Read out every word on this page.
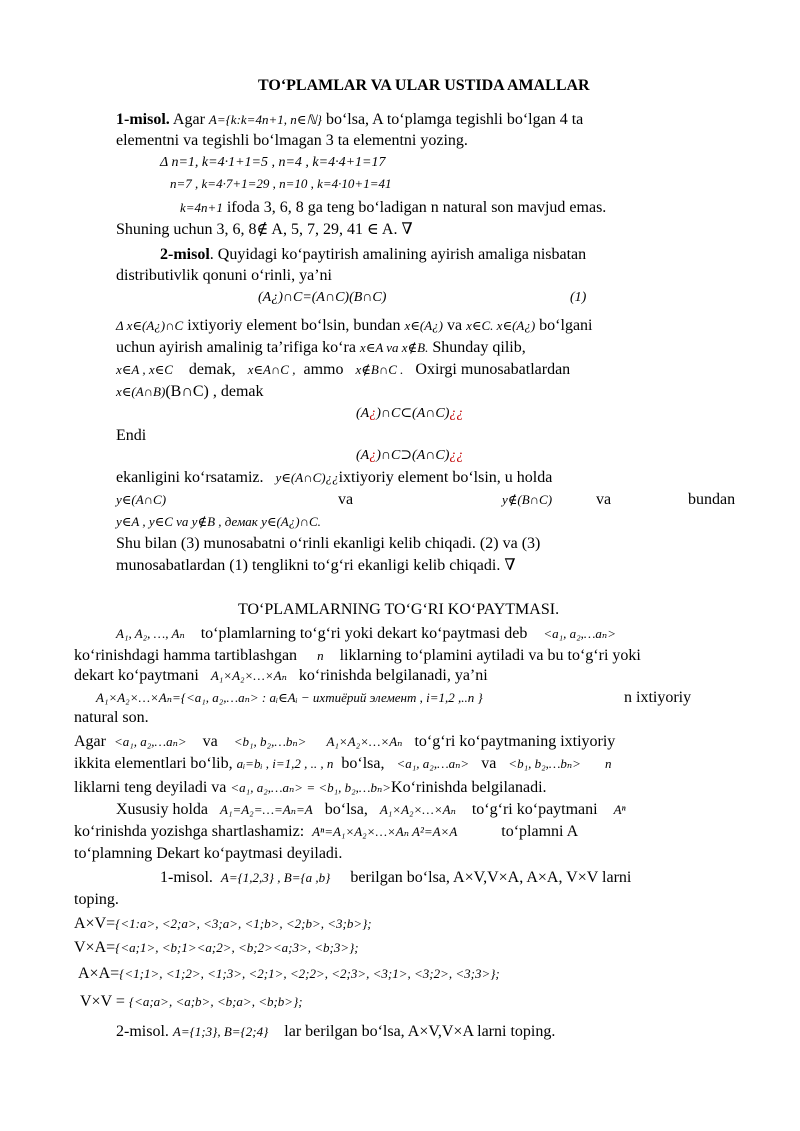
TO‘PLAMLAR VA ULAR USTIDA AMALLAR
1-misol. Agar A={k:k=4n+1, n∈ℕ} bo‘lsa, A to‘plamga tegishli bo‘lgan 4 ta
elementni va tegishli bo‘lmagan 3 ta elementni yozing.
Δ n=1, k=4·1+1=5 , n=4 , k=4·4+1=17
n=7 , k=4·7+1=29 , n=10 , k=4·10+1=41
k=4n+1 ifoda 3, 6, 8 ga teng bo‘ladigan n natural son mavjud emas.
Shuning uchun 3, 6, 8∉ A, 5, 7, 29, 41 ∈ A. ∇
2-misol. Quyidagi ko‘paytirish amalining ayirish amaliga nisbatan
distributivlik qonuni o‘rinli, ya’ni
(A¿)∩C=(A∩C)(B∩C)	(1)
Δ x∈(A¿)∩C ixtiyoriy element bo‘lsin, bundan x∈(A¿) va x∈C. x∈(A¿) bo‘lgani
uchun ayirish amalinig ta’rifiga ko‘ra x∈A va x∉B. Shunday qilib,
x∈A , x∈C demak, x∈A∩C , ammo x∉B∩C . Oxirgi munosabatlardan
x∈(A∩B)(B∩C) , demak
(A¿)∩C⊂(A∩C)¿¿
Endi
(A¿)∩C⊃(A∩C)¿¿
ekanligini ko‘rsatamiz. y∈(A∩C)¿¿ixtiyoriy element bo‘lsin, u holda
y∈(A∩C)	va	y∉(B∩C)	va	bundan
y∈A , y∈C va y∉B , демак y∈(A¿)∩C.
Shu bilan (3) munosabatni o‘rinli ekanligi kelib chiqadi. (2) va (3)
munosabatlardan (1) tenglikni to‘g‘ri ekanligi kelib chiqadi. ∇
TO‘PLAMLARNING TO‘G‘RI KO‘PAYTMASI.
A₁, A₂, …, Aₙ to‘plamlarning to‘g‘ri yoki dekart ko‘paytmasi deb <a₁, a₂,…aₙ>
ko‘rinishdagi hamma tartiblashgan n liklarning to‘plamini aytiladi va bu to‘g‘ri yoki
dekart ko‘paytmani A₁×A₂×…×Aₙ ko‘rinishda belgilanadi, ya’ni
A₁×A₂×…×Aₙ={<a₁, a₂,…aₙ> : aᵢ∈Aᵢ − ихтиёрий элемент , i=1,2 ,..n }	n ixtiyoriy
natural son.
Agar <a₁, a₂,…aₙ> va <b₁, b₂,…bₙ> A₁×A₂×…×Aₙ to‘g‘ri ko‘paytmaning ixtiyoriy
ikkita elementlari bo‘lib, aᵢ=bᵢ , i=1,2 , .. , n bo‘lsa, <a₁, a₂,…aₙ> va <b₁, b₂,…bₙ> n
liklarni teng deyiladi va <a₁, a₂,…aₙ> = <b₁, b₂,…bₙ>Ko‘rinishda belgilanadi.
Xususiy holda A₁=A₂=…=Aₙ=A bo‘lsa, A₁×A₂×…×Aₙ to‘g‘ri ko‘paytmani Aⁿ
ko‘rinishda yozishga shartlashamiz: Aⁿ=A₁×A₂×…×Aₙ A²=A×A	to‘plamni A
to‘plamning Dekart ko‘paytmasi deyiladi.
1-misol. A={1,2,3} , B={a ,b} berilgan bo‘lsa, A×V,V×A, A×A, V×V larni
toping.
A×V={<1:a>, <2;a>, <3;a>, <1;b>, <2;b>, <3;b>};
V×A={<a;1>, <b;1><a;2>, <b;2><a;3>, <b;3>};
A×A={<1;1>, <1;2>, <1;3>, <2;1>, <2;2>, <2;3>, <3;1>, <3;2>, <3;3>};
V×V = {<a;a>, <a;b>, <b;a>, <b;b>};
2-misol. A={1;3}, B={2;4} lar berilgan bo‘lsa, A×V,V×A larni toping.
